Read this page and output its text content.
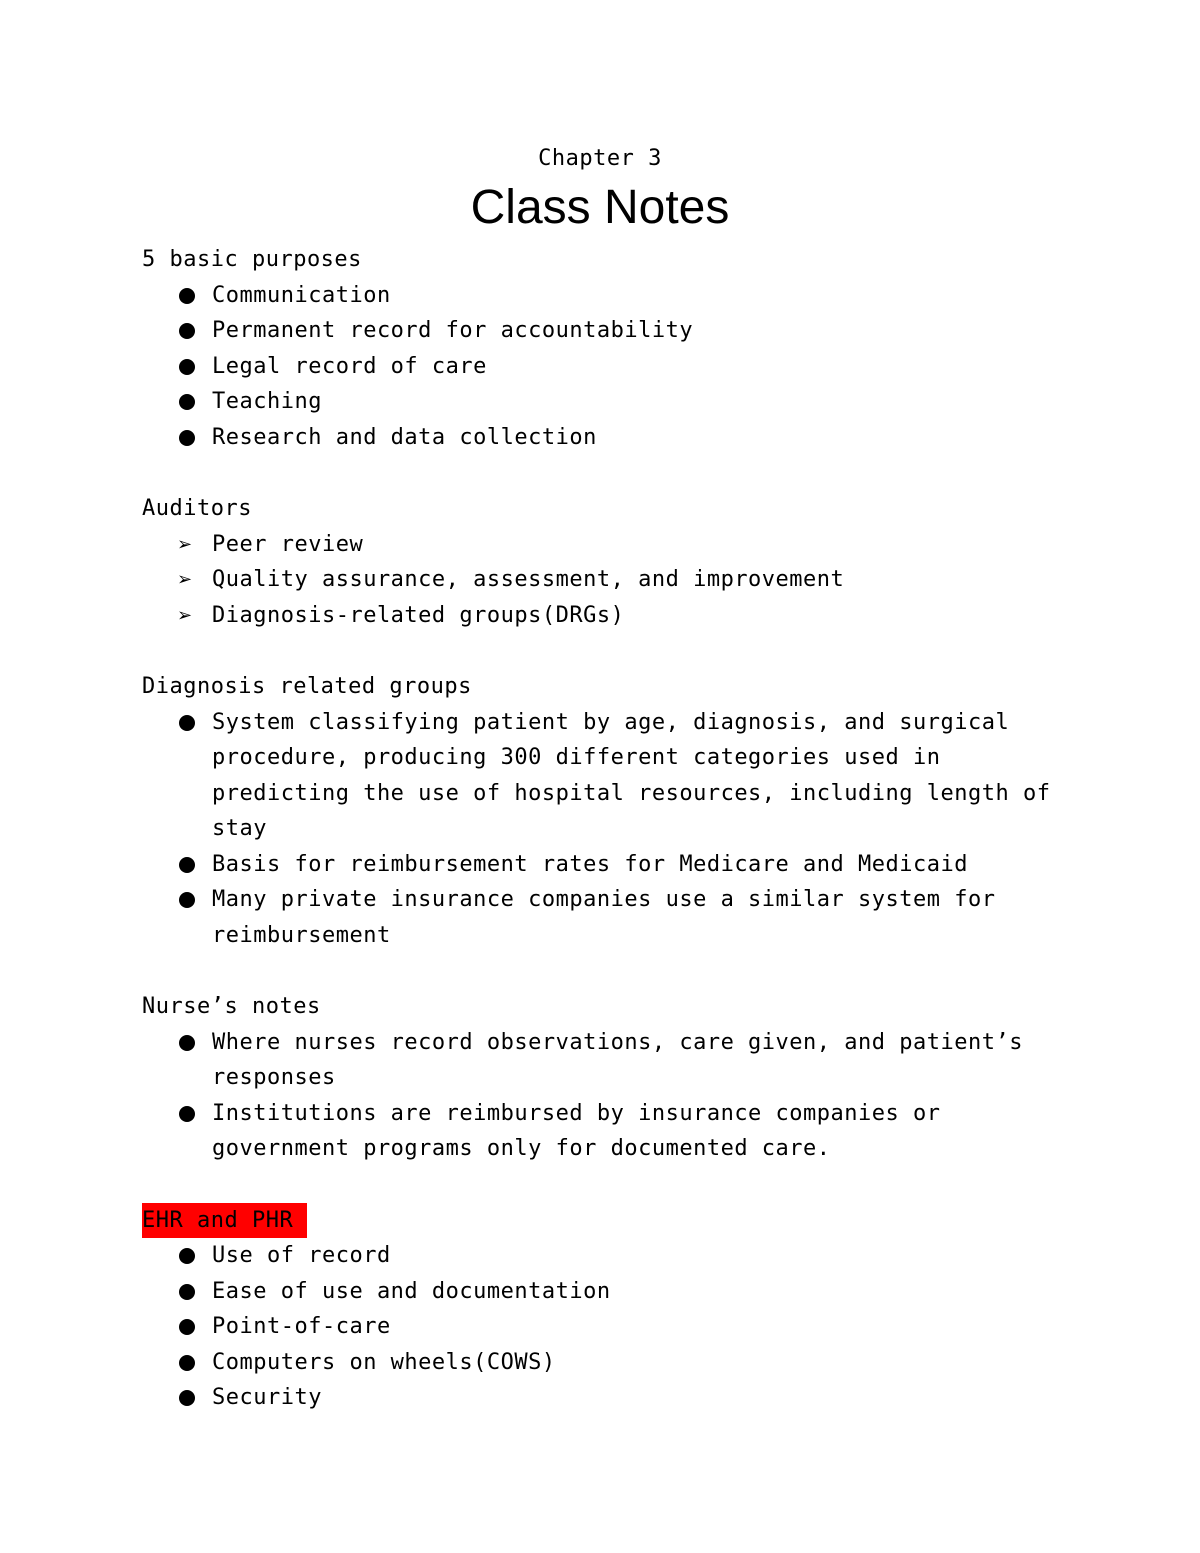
Chapter 3
Class Notes
5 basic purposes
Communication
Permanent record for accountability
Legal record of care
Teaching
Research and data collection
Auditors
➢ Peer review
➢ Quality assurance, assessment, and improvement
➢ Diagnosis-related groups(DRGs)
Diagnosis related groups
System classifying patient by age, diagnosis, and surgical procedure, producing 300 different categories used in predicting the use of hospital resources, including length of stay
Basis for reimbursement rates for Medicare and Medicaid
Many private insurance companies use a similar system for reimbursement
Nurse’s notes
Where nurses record observations, care given, and patient’s responses
Institutions are reimbursed by insurance companies or government programs only for documented care.
EHR and PHR
Use of record
Ease of use and documentation
Point-of-care
Computers on wheels(COWS)
Security
